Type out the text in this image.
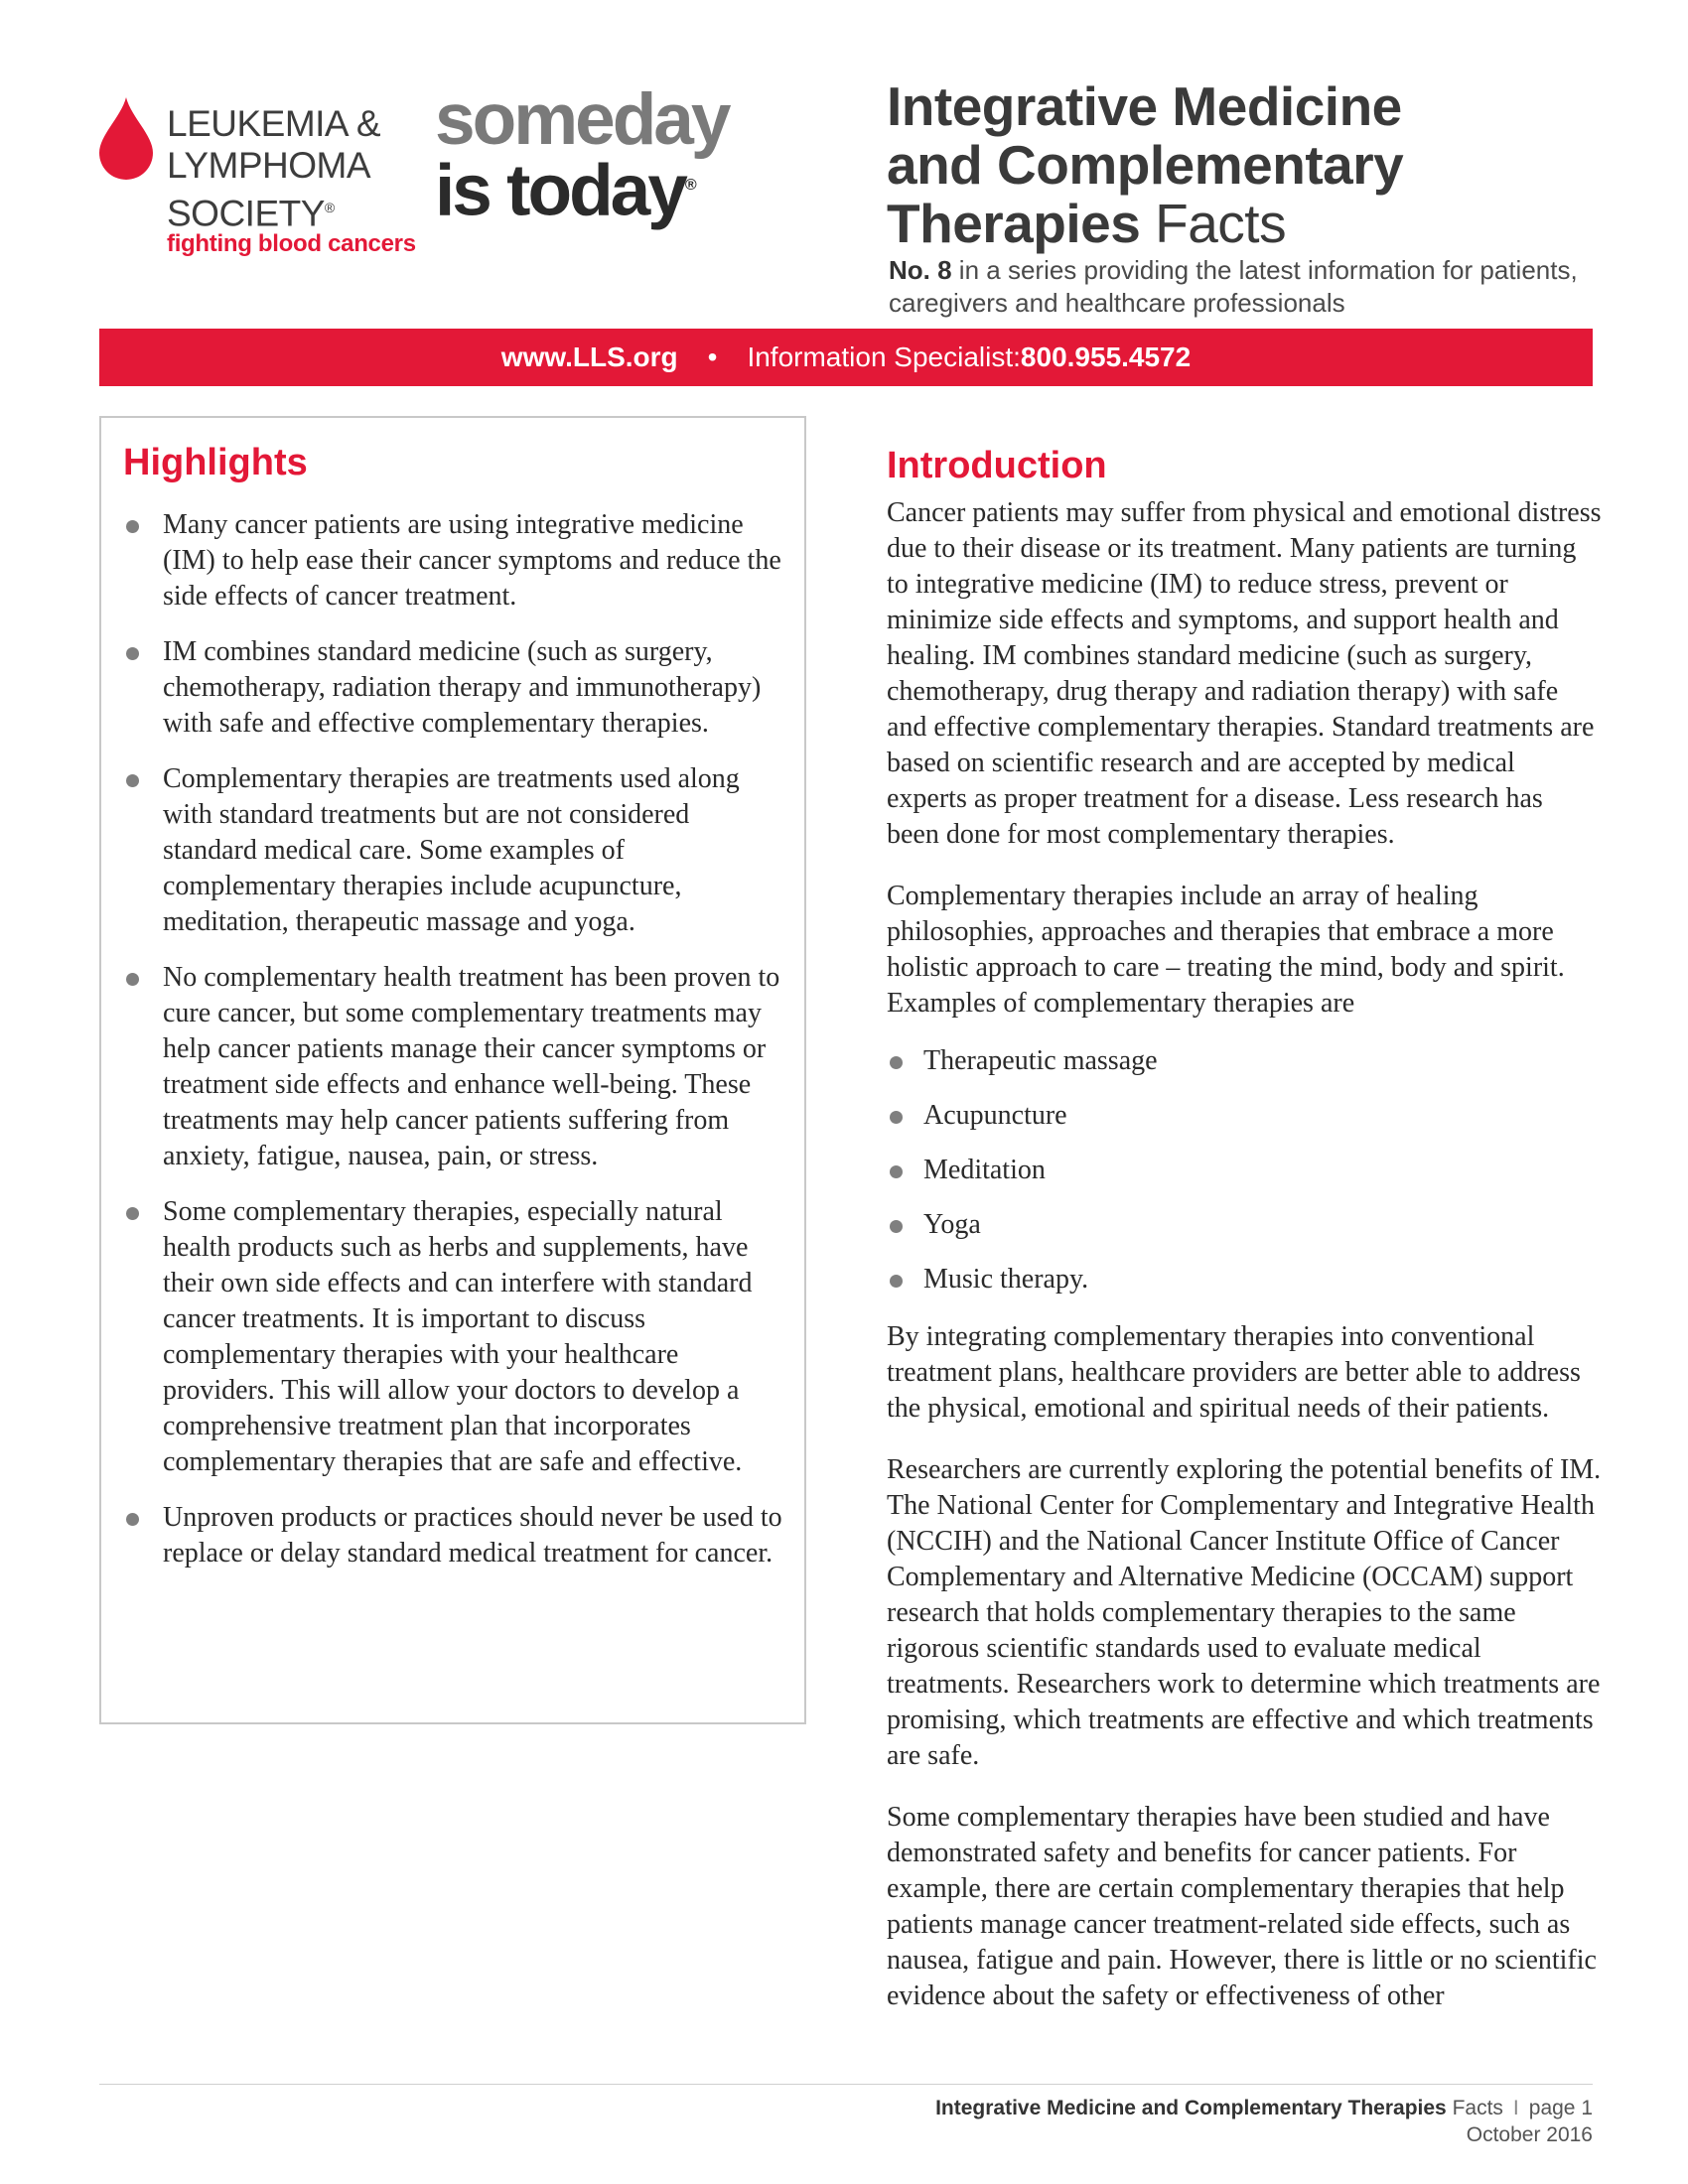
LEUKEMIA &
LYMPHOMA
SOCIETY®
fighting blood cancers
someday
is today®
Integrative Medicine
and Complementary
Therapies Facts
No. 8 in a series providing the latest information for patients, caregivers and healthcare professionals
www.LLS.org • Information Specialist: 800.955.4572
Highlights
Many cancer patients are using integrative medicine (IM) to help ease their cancer symptoms and reduce the side effects of cancer treatment.
IM combines standard medicine (such as surgery, chemotherapy, radiation therapy and immunotherapy) with safe and effective complementary therapies.
Complementary therapies are treatments used along with standard treatments but are not considered standard medical care. Some examples of complementary therapies include acupuncture, meditation, therapeutic massage and yoga.
No complementary health treatment has been proven to cure cancer, but some complementary treatments may help cancer patients manage their cancer symptoms or treatment side effects and enhance well-being. These treatments may help cancer patients suffering from anxiety, fatigue, nausea, pain, or stress.
Some complementary therapies, especially natural health products such as herbs and supplements, have their own side effects and can interfere with standard cancer treatments. It is important to discuss complementary therapies with your healthcare providers. This will allow your doctors to develop a comprehensive treatment plan that incorporates complementary therapies that are safe and effective.
Unproven products or practices should never be used to replace or delay standard medical treatment for cancer.
Introduction

Cancer patients may suffer from physical and emotional distress due to their disease or its treatment. Many patients are turning to integrative medicine (IM) to reduce stress, prevent or minimize side effects and symptoms, and support health and healing. IM combines standard medicine (such as surgery, chemotherapy, drug therapy and radiation therapy) with safe and effective complementary therapies. Standard treatments are based on scientific research and are accepted by medical experts as proper treatment for a disease. Less research has been done for most complementary therapies.

Complementary therapies include an array of healing philosophies, approaches and therapies that embrace a more holistic approach to care – treating the mind, body and spirit. Examples of complementary therapies are

Therapeutic massage
Acupuncture
Meditation
Yoga
Music therapy.

By integrating complementary therapies into conventional treatment plans, healthcare providers are better able to address the physical, emotional and spiritual needs of their patients.

Researchers are currently exploring the potential benefits of IM. The National Center for Complementary and Integrative Health (NCCIH) and the National Cancer Institute Office of Cancer Complementary and Alternative Medicine (OCCAM) support research that holds complementary therapies to the same rigorous scientific standards used to evaluate medical treatments. Researchers work to determine which treatments are promising, which treatments are effective and which treatments are safe.

Some complementary therapies have been studied and have demonstrated safety and benefits for cancer patients. For example, there are certain complementary therapies that help patients manage cancer treatment-related side effects, such as nausea, fatigue and pain. However, there is little or no scientific evidence about the safety or effectiveness of other

Integrative Medicine and Complementary Therapies Facts I page 1
October 2016
